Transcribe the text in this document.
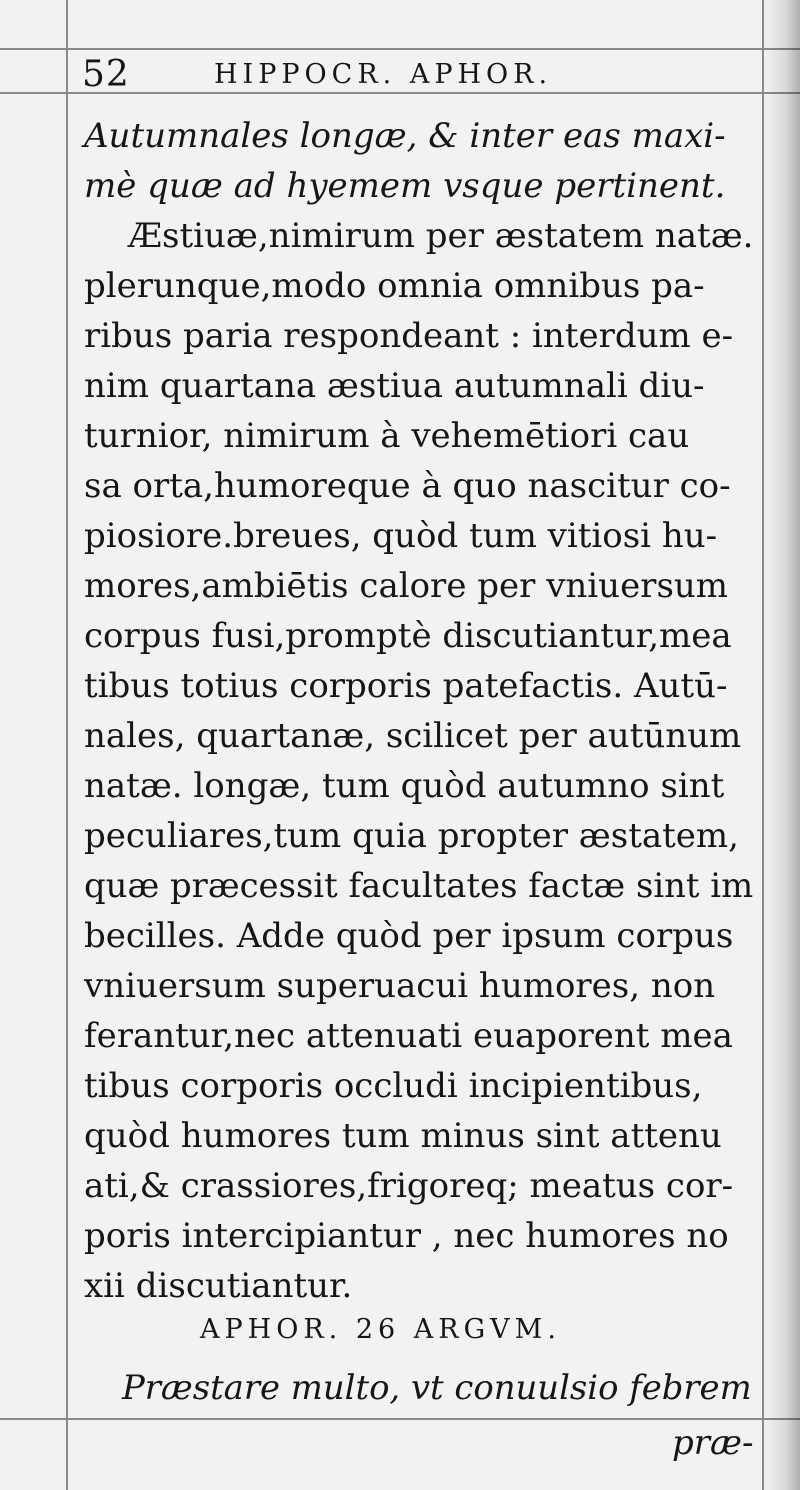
52	HIPPOCR. APHOR.
Autumnales longæ, & inter eas maxi-
mè quæ ad hyemem vsque pertinent.
Æstiuæ,nimirum per æstatem natæ.
plerunque,modo omnia omnibus pa-
ribus paria respondeant : interdum e-
nim quartana æstiua autumnali diu-
turnior, nimirum à vehemētiori cau
sa orta,humoreque à quo nascitur co-
piosiore.breues, quòd tum vitiosi hu-
mores,ambiētis calore per vniuersum
corpus fusi,promptè discutiantur,mea
tibus totius corporis patefactis. Autū-
nales, quartanæ, scilicet per autūnum
natæ. longæ, tum quòd autumno sint
peculiares,tum quia propter æstatem,
quæ præcessit facultates factæ sint im
becilles. Adde quòd per ipsum corpus
vniuersum superuacui humores, non
ferantur,nec attenuati euaporent mea
tibus corporis occludi incipientibus,
quòd humores tum minus sint attenu
ati,& crassiores,frigoreq; meatus cor-
poris intercipiantur , nec humores no
xii discutiantur.
APHOR. 26 ARGVM.
Præstare multo, vt conuulsio febrem
præ-
